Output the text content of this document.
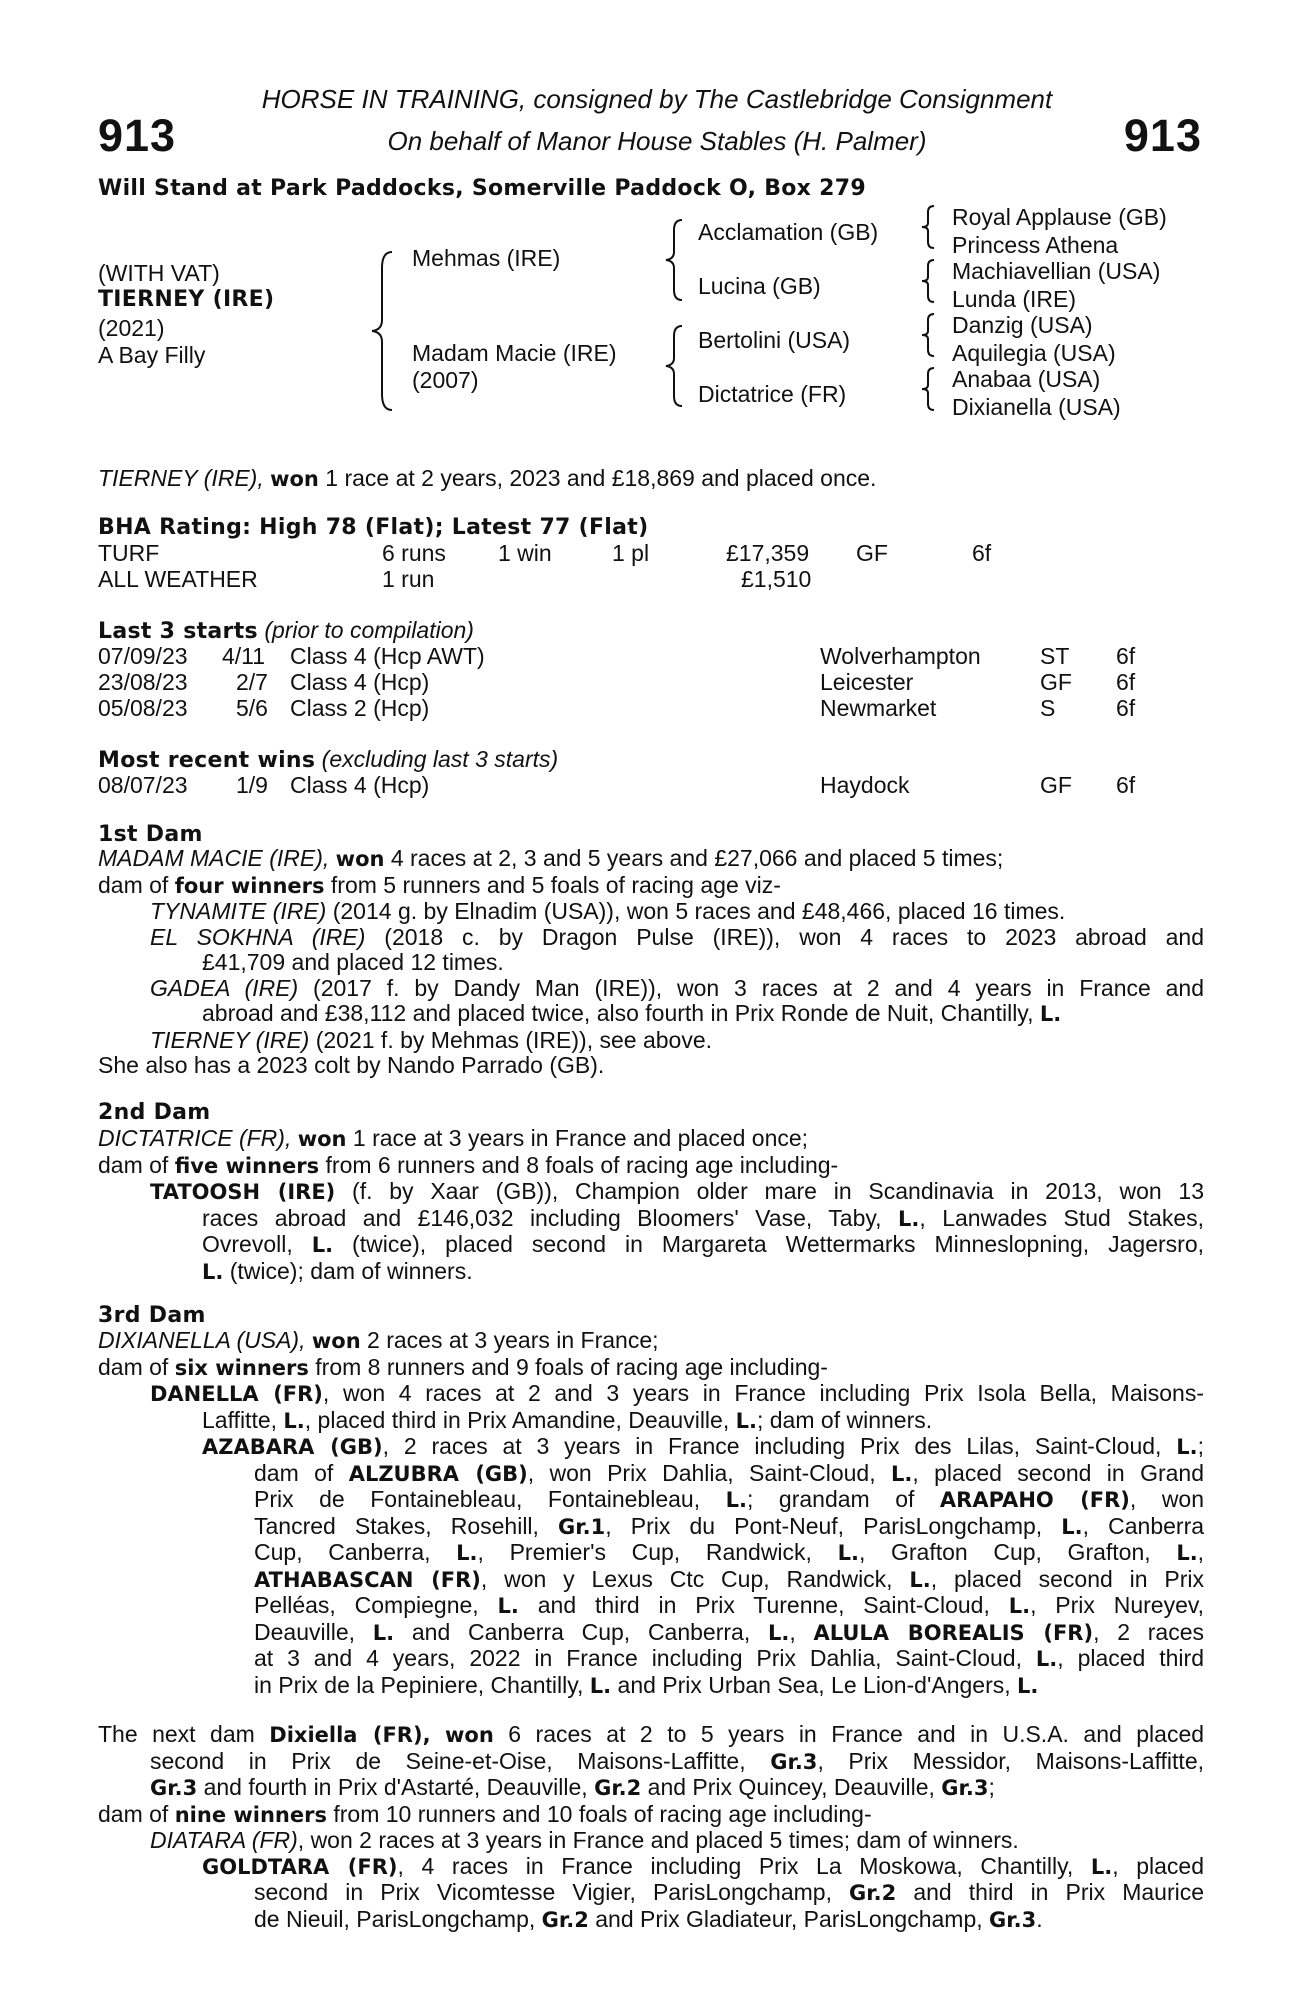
913	913
HORSE IN TRAINING, consigned by The Castlebridge Consignment
On behalf of Manor House Stables (H. Palmer)
Will Stand at Park Paddocks, Somerville Paddock O, Box 279
(WITH VAT)
TIERNEY (IRE)
(2021)
A Bay Filly
Mehmas (IRE)
Madam Macie (IRE)
(2007)
Acclamation (GB)
Lucina (GB)
Bertolini (USA)
Dictatrice (FR)
Royal Applause (GB)
Princess Athena
Machiavellian (USA)
Lunda (IRE)
Danzig (USA)
Aquilegia (USA)
Anabaa (USA)
Dixianella (USA)
TIERNEY (IRE), won 1 race at 2 years, 2023 and £18,869 and placed once.
BHA Rating: High 78 (Flat); Latest 77 (Flat)
TURF	6 runs 1 win	1 pl	£17,359 GF	6f
ALL WEATHER	1 run	£1,510
Last 3 starts (prior to compilation)
07/09/23 4/11 Class 4 (Hcp AWT)	Wolverhampton	ST 6f
23/08/23 2/7 Class 4 (Hcp)	Leicester	GF 6f
05/08/23 5/6 Class 2 (Hcp)	Newmarket	S	6f
Most recent wins (excluding last 3 starts)
08/07/23 1/9 Class 4 (Hcp)	Haydock	GF 6f
1st Dam
MADAM MACIE (IRE), won 4 races at 2, 3 and 5 years and £27,066 and placed 5 times;
dam of four winners from 5 runners and 5 foals of racing age viz-
TYNAMITE (IRE) (2014 g. by Elnadim (USA)), won 5 races and £48,466, placed 16 times.
EL SOKHNA (IRE) (2018 c. by Dragon Pulse (IRE)), won 4 races to 2023 abroad and
£41,709 and placed 12 times.
GADEA (IRE) (2017 f. by Dandy Man (IRE)), won 3 races at 2 and 4 years in France and
abroad and £38,112 and placed twice, also fourth in Prix Ronde de Nuit, Chantilly, L.
TIERNEY (IRE) (2021 f. by Mehmas (IRE)), see above.
She also has a 2023 colt by Nando Parrado (GB).
2nd Dam
DICTATRICE (FR), won 1 race at 3 years in France and placed once;
dam of five winners from 6 runners and 8 foals of racing age including-
TATOOSH (IRE) (f. by Xaar (GB)), Champion older mare in Scandinavia in 2013, won 13
races abroad and £146,032 including Bloomers' Vase, Taby, L., Lanwades Stud Stakes,
Ovrevoll, L. (twice), placed second in Margareta Wettermarks Minneslopning, Jagersro,
L. (twice); dam of winners.
3rd Dam
DIXIANELLA (USA), won 2 races at 3 years in France;
dam of six winners from 8 runners and 9 foals of racing age including-
DANELLA (FR), won 4 races at 2 and 3 years in France including Prix Isola Bella, Maisons-
Laffitte, L., placed third in Prix Amandine, Deauville, L.; dam of winners.
AZABARA (GB), 2 races at 3 years in France including Prix des Lilas, Saint-Cloud, L.;
dam of ALZUBRA (GB), won Prix Dahlia, Saint-Cloud, L., placed second in Grand
Prix de Fontainebleau, Fontainebleau, L.; grandam of ARAPAHO (FR), won
Tancred Stakes, Rosehill, Gr.1, Prix du Pont-Neuf, ParisLongchamp, L., Canberra
Cup, Canberra, L., Premier's Cup, Randwick, L., Grafton Cup, Grafton, L.,
ATHABASCAN (FR), won y Lexus Ctc Cup, Randwick, L., placed second in Prix
Pelléas, Compiegne, L. and third in Prix Turenne, Saint-Cloud, L., Prix Nureyev,
Deauville, L. and Canberra Cup, Canberra, L., ALULA BOREALIS (FR), 2 races
at 3 and 4 years, 2022 in France including Prix Dahlia, Saint-Cloud, L., placed third
in Prix de la Pepiniere, Chantilly, L. and Prix Urban Sea, Le Lion-d'Angers, L.
The next dam Dixiella (FR), won 6 races at 2 to 5 years in France and in U.S.A. and placed
second in Prix de Seine-et-Oise, Maisons-Laffitte, Gr.3, Prix Messidor, Maisons-Laffitte,
Gr.3 and fourth in Prix d'Astarté, Deauville, Gr.2 and Prix Quincey, Deauville, Gr.3;
dam of nine winners from 10 runners and 10 foals of racing age including-
DIATARA (FR), won 2 races at 3 years in France and placed 5 times; dam of winners.
GOLDTARA (FR), 4 races in France including Prix La Moskowa, Chantilly, L., placed
second in Prix Vicomtesse Vigier, ParisLongchamp, Gr.2 and third in Prix Maurice
de Nieuil, ParisLongchamp, Gr.2 and Prix Gladiateur, ParisLongchamp, Gr.3.
